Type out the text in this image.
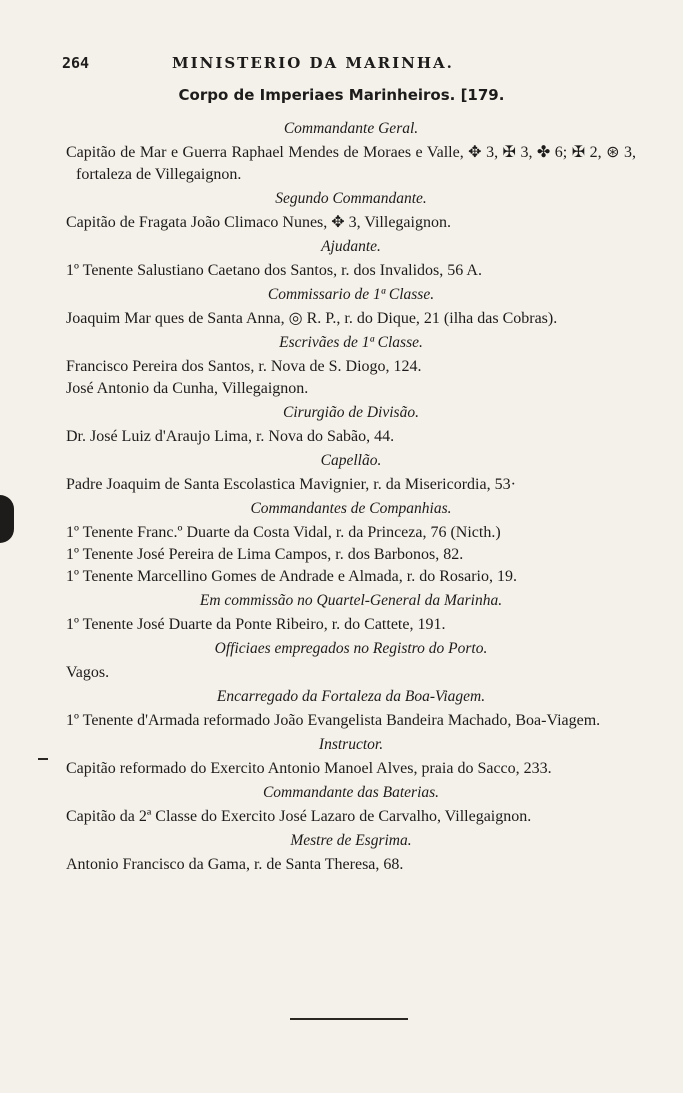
264	MINISTERIO DA MARINHA.
Corpo de Imperiaes Marinheiros. [179.
Commandante Geral.

Capitão de Mar e Guerra Raphael Mendes de Moraes e Valle, ✥ 3, ✠ 3, ✤ 6; ✠ 2, ⊛ 3, fortaleza de Villegaignon.

Segundo Commandante.

Capitão de Fragata João Climaco Nunes, ✥ 3, Villegaignon.

Ajudante.

1º Tenente Salustiano Caetano dos Santos, r. dos Invalidos, 56 A.

Commissario de 1ª Classe.

Joaquim Mar ques de Santa Anna, ◎ R. P., r. do Dique, 21 (ilha das Cobras).

Escrivães de 1ª Classe.

Francisco Pereira dos Santos, r. Nova de S. Diogo, 124.

José Antonio da Cunha, Villegaignon.

Cirurgião de Divisão.

Dr. José Luiz d'Araujo Lima, r. Nova do Sabão, 44.

Capellão.

Padre Joaquim de Santa Escolastica Mavignier, r. da Misericordia, 53·

Commandantes de Companhias.

1º Tenente Franc.º Duarte da Costa Vidal, r. da Princeza, 76 (Nicth.)

1º Tenente José Pereira de Lima Campos, r. dos Barbonos, 82.

1º Tenente Marcellino Gomes de Andrade e Almada, r. do Rosario, 19.

Em commissão no Quartel-General da Marinha.

1º Tenente José Duarte da Ponte Ribeiro, r. do Cattete, 191.

Officiaes empregados no Registro do Porto.

Vagos.

Encarregado da Fortaleza da Boa-Viagem.

1º Tenente d'Armada reformado João Evangelista Bandeira Machado, Boa-Viagem.

Instructor.

Capitão reformado do Exercito Antonio Manoel Alves, praia do Sacco, 233.

Commandante das Baterias.

Capitão da 2ª Classe do Exercito José Lazaro de Carvalho, Villegaignon.

Mestre de Esgrima.

Antonio Francisco da Gama, r. de Santa Theresa, 68.
